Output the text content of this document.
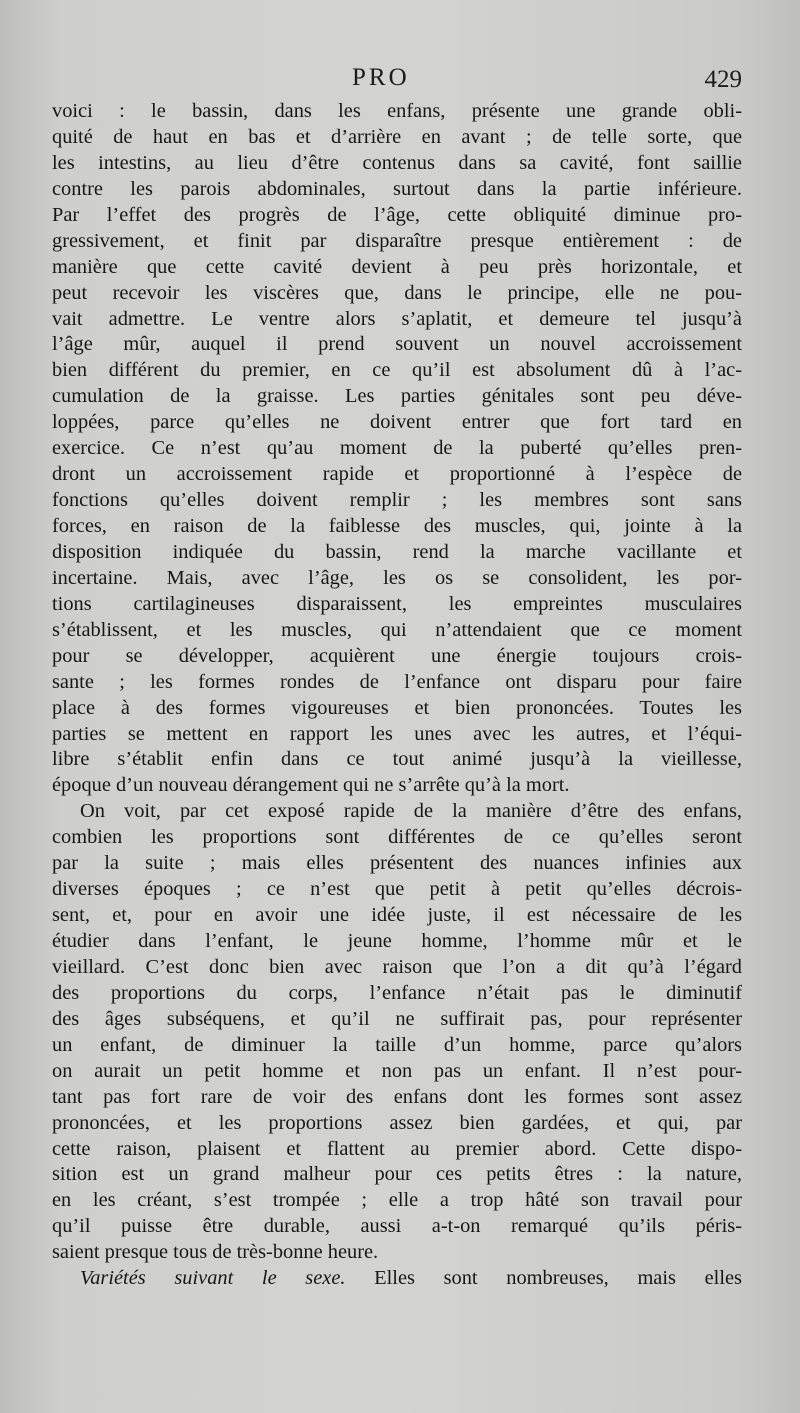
PRO	429
voici : le bassin, dans les enfans, présente une grande obli-
quité de haut en bas et d’arrière en avant ; de telle sorte, que
les intestins, au lieu d’être contenus dans sa cavité, font saillie
contre les parois abdominales, surtout dans la partie inférieure.
Par l’effet des progrès de l’âge, cette obliquité diminue pro-
gressivement, et finit par disparaître presque entièrement : de
manière que cette cavité devient à peu près horizontale, et
peut recevoir les viscères que, dans le principe, elle ne pou-
vait admettre. Le ventre alors s’aplatit, et demeure tel jusqu’à
l’âge mûr, auquel il prend souvent un nouvel accroissement
bien différent du premier, en ce qu’il est absolument dû à l’ac-
cumulation de la graisse. Les parties génitales sont peu déve-
loppées, parce qu’elles ne doivent entrer que fort tard en
exercice. Ce n’est qu’au moment de la puberté qu’elles pren-
dront un accroissement rapide et proportionné à l’espèce de
fonctions qu’elles doivent remplir ; les membres sont sans
forces, en raison de la faiblesse des muscles, qui, jointe à la
disposition indiquée du bassin, rend la marche vacillante et
incertaine. Mais, avec l’âge, les os se consolident, les por-
tions cartilagineuses disparaissent, les empreintes musculaires
s’établissent, et les muscles, qui n’attendaient que ce moment
pour se développer, acquièrent une énergie toujours crois-
sante ; les formes rondes de l’enfance ont disparu pour faire
place à des formes vigoureuses et bien prononcées. Toutes les
parties se mettent en rapport les unes avec les autres, et l’équi-
libre s’établit enfin dans ce tout animé jusqu’à la vieillesse,
époque d’un nouveau dérangement qui ne s’arrête qu’à la mort.
On voit, par cet exposé rapide de la manière d’être des enfans,
combien les proportions sont différentes de ce qu’elles seront
par la suite ; mais elles présentent des nuances infinies aux
diverses époques ; ce n’est que petit à petit qu’elles décrois-
sent, et, pour en avoir une idée juste, il est nécessaire de les
étudier dans l’enfant, le jeune homme, l’homme mûr et le
vieillard. C’est donc bien avec raison que l’on a dit qu’à l’égard
des proportions du corps, l’enfance n’était pas le diminutif
des âges subséquens, et qu’il ne suffirait pas, pour représenter
un enfant, de diminuer la taille d’un homme, parce qu’alors
on aurait un petit homme et non pas un enfant. Il n’est pour-
tant pas fort rare de voir des enfans dont les formes sont assez
prononcées, et les proportions assez bien gardées, et qui, par
cette raison, plaisent et flattent au premier abord. Cette dispo-
sition est un grand malheur pour ces petits êtres : la nature,
en les créant, s’est trompée ; elle a trop hâté son travail pour
qu’il puisse être durable, aussi a-t-on remarqué qu’ils péris-
saient presque tous de très-bonne heure.
Variétés suivant le sexe. Elles sont nombreuses, mais elles
